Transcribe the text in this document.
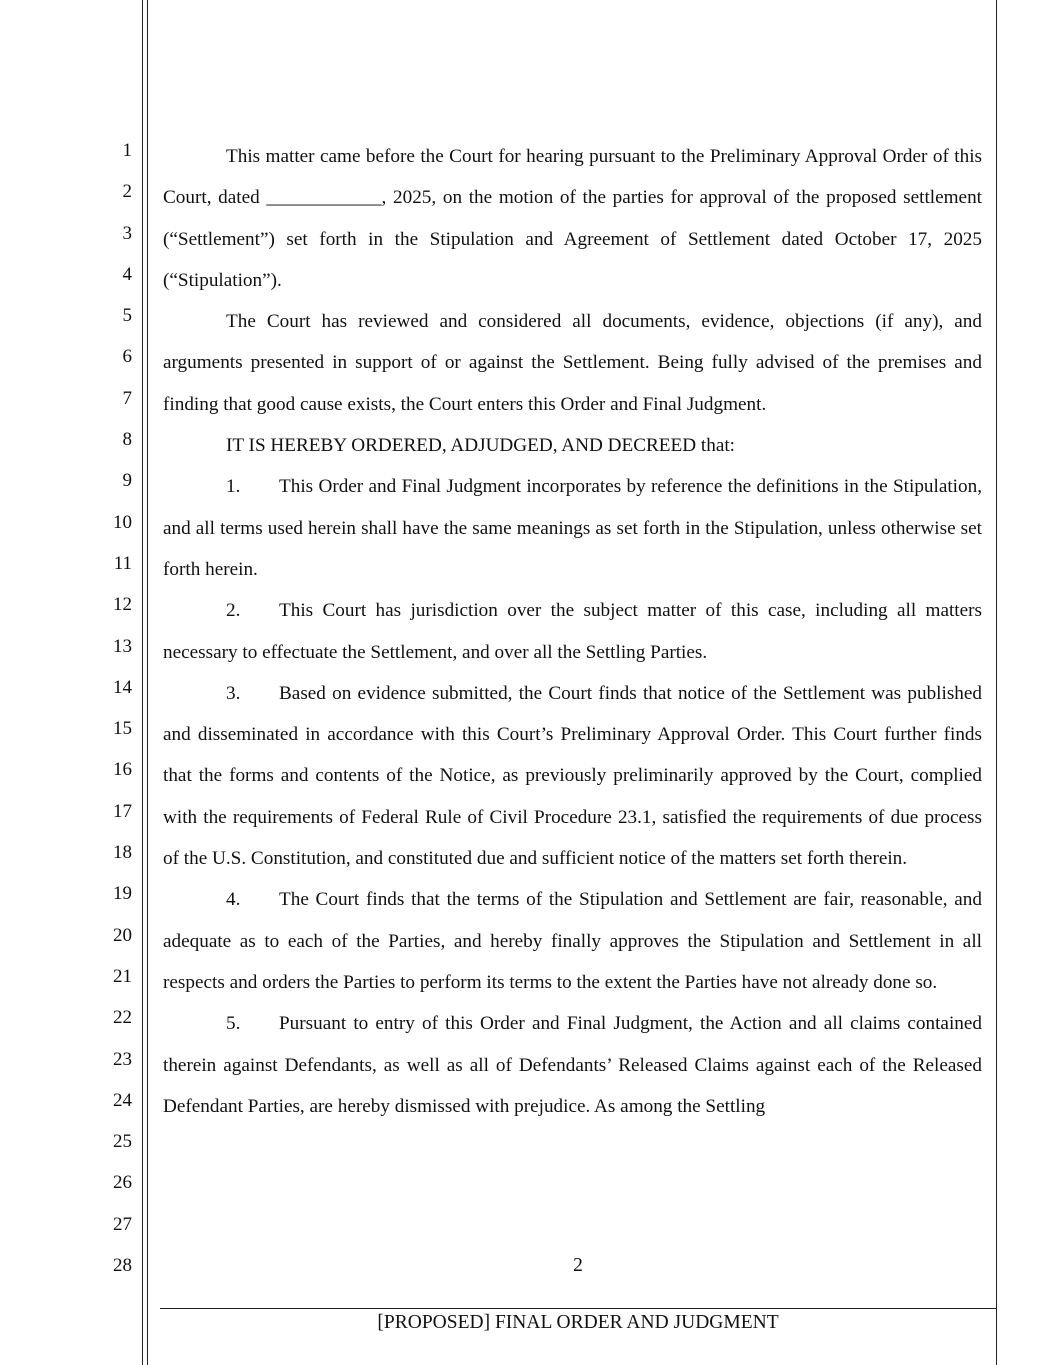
1
2
3
4
5
6
7
8
9
10
11
12
13
14
15
16
17
18
19
20
21
22
23
24
25
26
27
28

This matter came before the Court for hearing pursuant to the Preliminary Approval Order of this Court, dated ____________, 2025, on the motion of the parties for approval of the proposed settlement (“Settlement”) set forth in the Stipulation and Agreement of Settlement dated October 17, 2025 (“Stipulation”).

The Court has reviewed and considered all documents, evidence, objections (if any), and arguments presented in support of or against the Settlement. Being fully advised of the premises and finding that good cause exists, the Court enters this Order and Final Judgment.

IT IS HEREBY ORDERED, ADJUDGED, AND DECREED that:

1. This Order and Final Judgment incorporates by reference the definitions in the Stipulation, and all terms used herein shall have the same meanings as set forth in the Stipulation, unless otherwise set forth herein.

2. This Court has jurisdiction over the subject matter of this case, including all matters necessary to effectuate the Settlement, and over all the Settling Parties.

3. Based on evidence submitted, the Court finds that notice of the Settlement was published and disseminated in accordance with this Court’s Preliminary Approval Order. This Court further finds that the forms and contents of the Notice, as previously preliminarily approved by the Court, complied with the requirements of Federal Rule of Civil Procedure 23.1, satisfied the requirements of due process of the U.S. Constitution, and constituted due and sufficient notice of the matters set forth therein.

4. The Court finds that the terms of the Stipulation and Settlement are fair, reasonable, and adequate as to each of the Parties, and hereby finally approves the Stipulation and Settlement in all respects and orders the Parties to perform its terms to the extent the Parties have not already done so.

5. Pursuant to entry of this Order and Final Judgment, the Action and all claims contained therein against Defendants, as well as all of Defendants’ Released Claims against each of the Released Defendant Parties, are hereby dismissed with prejudice. As among the Settling

2
[PROPOSED] FINAL ORDER AND JUDGMENT
